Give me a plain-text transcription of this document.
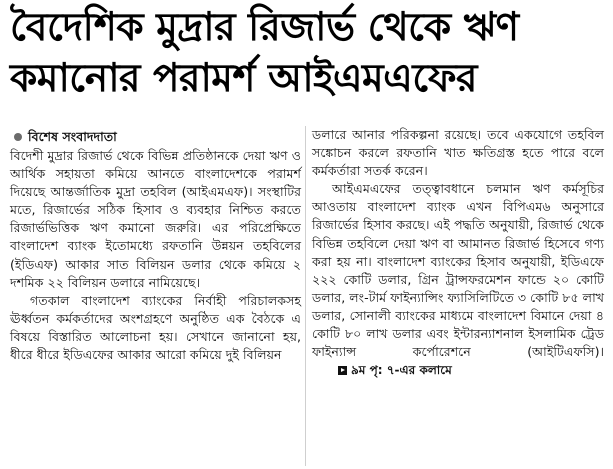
বৈদেশিক মুদ্রার রিজার্ভ থেকে ঋণ
কমানোর পরামর্শ আইএমএফের
বিশেষ সংবাদদাতা

বিদেশী মুদ্রার রিজার্ভ থেকে বিভিন্ন প্রতিষ্ঠানকে দেয়া ঋণ ও আর্থিক সহায়তা কমিয়ে আনতে বাংলাদেশকে পরামর্শ দিয়েছে আন্তর্জাতিক মুদ্রা তহবিল (আইএমএফ)। সংস্থাটির মতে, রিজার্ভের সঠিক হিসাব ও ব্যবহার নিশ্চিত করতে রিজার্ভভিত্তিক ঋণ কমানো জরুরি। এর পরিপ্রেক্ষিতে বাংলাদেশ ব্যাংক ইতোমধ্যে রফতানি উন্নয়ন তহবিলের (ইডিএফ) আকার সাত বিলিয়ন ডলার থেকে কমিয়ে ২ দশমিক ২২ বিলিয়ন ডলারে নামিয়েছে।

গতকাল বাংলাদেশ ব্যাংকের নির্বাহী পরিচালকসহ ঊর্ধ্বতন কর্মকর্তাদের অংশগ্রহণে অনুষ্ঠিত এক বৈঠকে এ বিষয়ে বিস্তারিত আলোচনা হয়। সেখানে জানানো হয়, ধীরে ধীরে ইডিএফের আকার আরো কমিয়ে দুই বিলিয়ন

ডলারে আনার পরিকল্পনা রয়েছে। তবে একযোগে তহবিল সঙ্কোচন করলে রফতানি খাত ক্ষতিগ্রস্ত হতে পারে বলে কর্মকর্তারা সতর্ক করেন।

আইএমএফের তত্ত্বাবধানে চলমান ঋণ কর্মসূচির আওতায় বাংলাদেশ ব্যাংক এখন বিপিএম৬ অনুসারে রিজার্ভের হিসাব করছে। এই পদ্ধতি অনুযায়ী, রিজার্ভ থেকে বিভিন্ন তহবিলে দেয়া ঋণ বা আমানত রিজার্ভ হিসেবে গণ্য করা হয় না। বাংলাদেশ ব্যাংকের হিসাব অনুযায়ী, ইডিএফে ২২২ কোটি ডলার, গ্রিন ট্রান্সফরমেশন ফান্ডে ২০ কোটি ডলার, লং-টার্ম ফাইন্যান্সিং ফ্যাসিলিটিতে ৩ কোটি ৮৫ লাখ ডলার, সোনালী ব্যাংকের মাধ্যমে বাংলাদেশ বিমানে দেয়া ৪ কোটি ৮০ লাখ ডলার এবং ইন্টারন্যাশনাল ইসলামিক ট্রেড ফাইন্যান্স কর্পোরেশনে (আইটিএফসি)।৯ম পৃ: ৭-এর কলামে
